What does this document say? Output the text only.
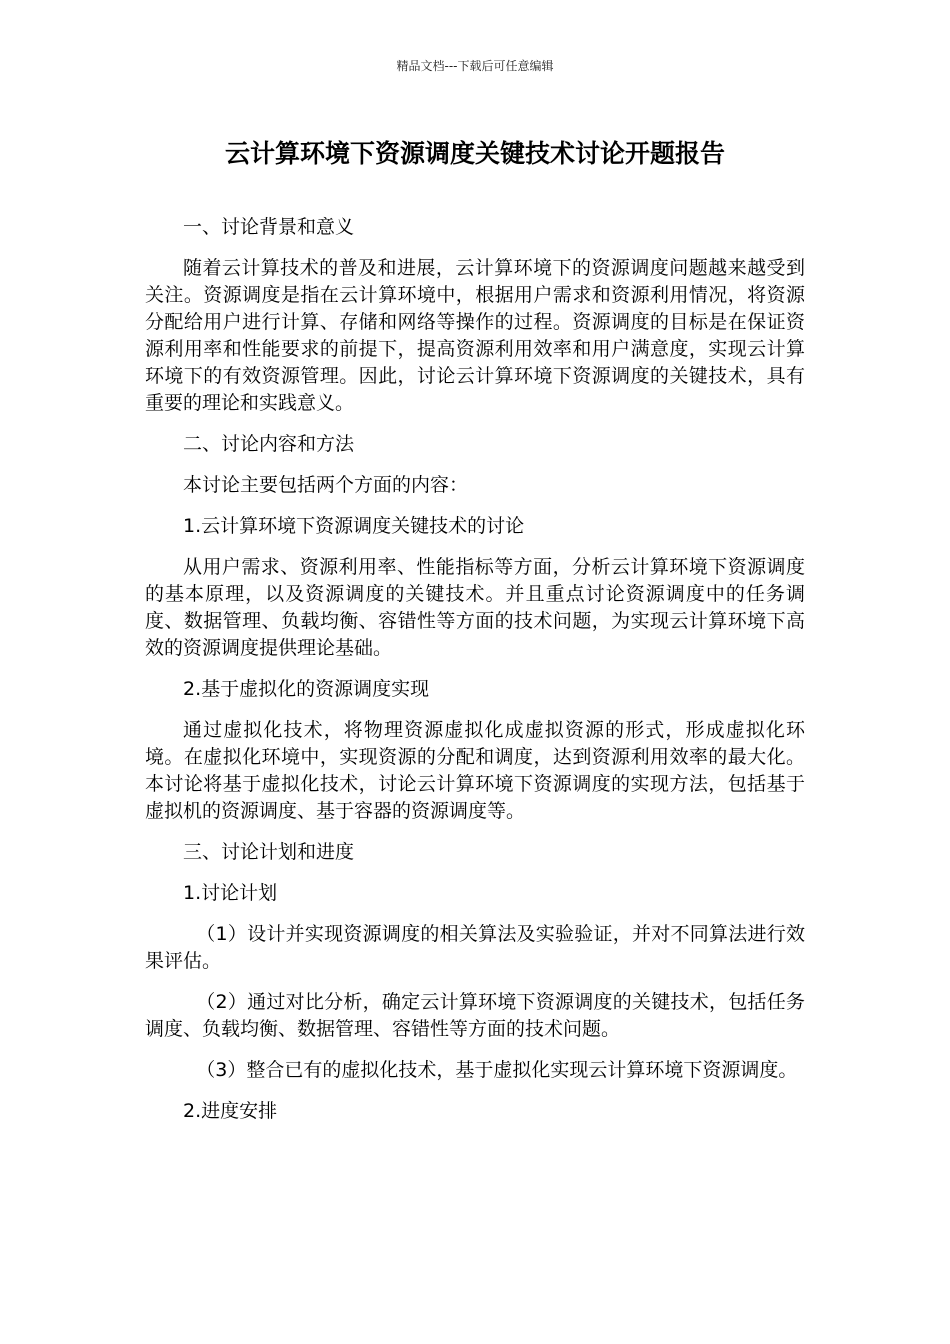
精品文档---下载后可任意编辑
云计算环境下资源调度关键技术讨论开题报告

一、讨论背景和意义

随着云计算技术的普及和进展，云计算环境下的资源调度问题越来越受到关注。资源调度是指在云计算环境中，根据用户需求和资源利用情况，将资源分配给用户进行计算、存储和网络等操作的过程。资源调度的目标是在保证资源利用率和性能要求的前提下，提高资源利用效率和用户满意度，实现云计算环境下的有效资源管理。因此，讨论云计算环境下资源调度的关键技术，具有重要的理论和实践意义。

二、讨论内容和方法

本讨论主要包括两个方面的内容：

1.云计算环境下资源调度关键技术的讨论

从用户需求、资源利用率、性能指标等方面，分析云计算环境下资源调度的基本原理，以及资源调度的关键技术。并且重点讨论资源调度中的任务调度、数据管理、负载均衡、容错性等方面的技术问题，为实现云计算环境下高效的资源调度提供理论基础。

2.基于虚拟化的资源调度实现

通过虚拟化技术，将物理资源虚拟化成虚拟资源的形式，形成虚拟化环境。在虚拟化环境中，实现资源的分配和调度，达到资源利用效率的最大化。本讨论将基于虚拟化技术，讨论云计算环境下资源调度的实现方法，包括基于虚拟机的资源调度、基于容器的资源调度等。

三、讨论计划和进度

1.讨论计划

（1）设计并实现资源调度的相关算法及实验验证，并对不同算法进行效果评估。

（2）通过对比分析，确定云计算环境下资源调度的关键技术，包括任务调度、负载均衡、数据管理、容错性等方面的技术问题。

（3）整合已有的虚拟化技术，基于虚拟化实现云计算环境下资源调度。

2.进度安排
